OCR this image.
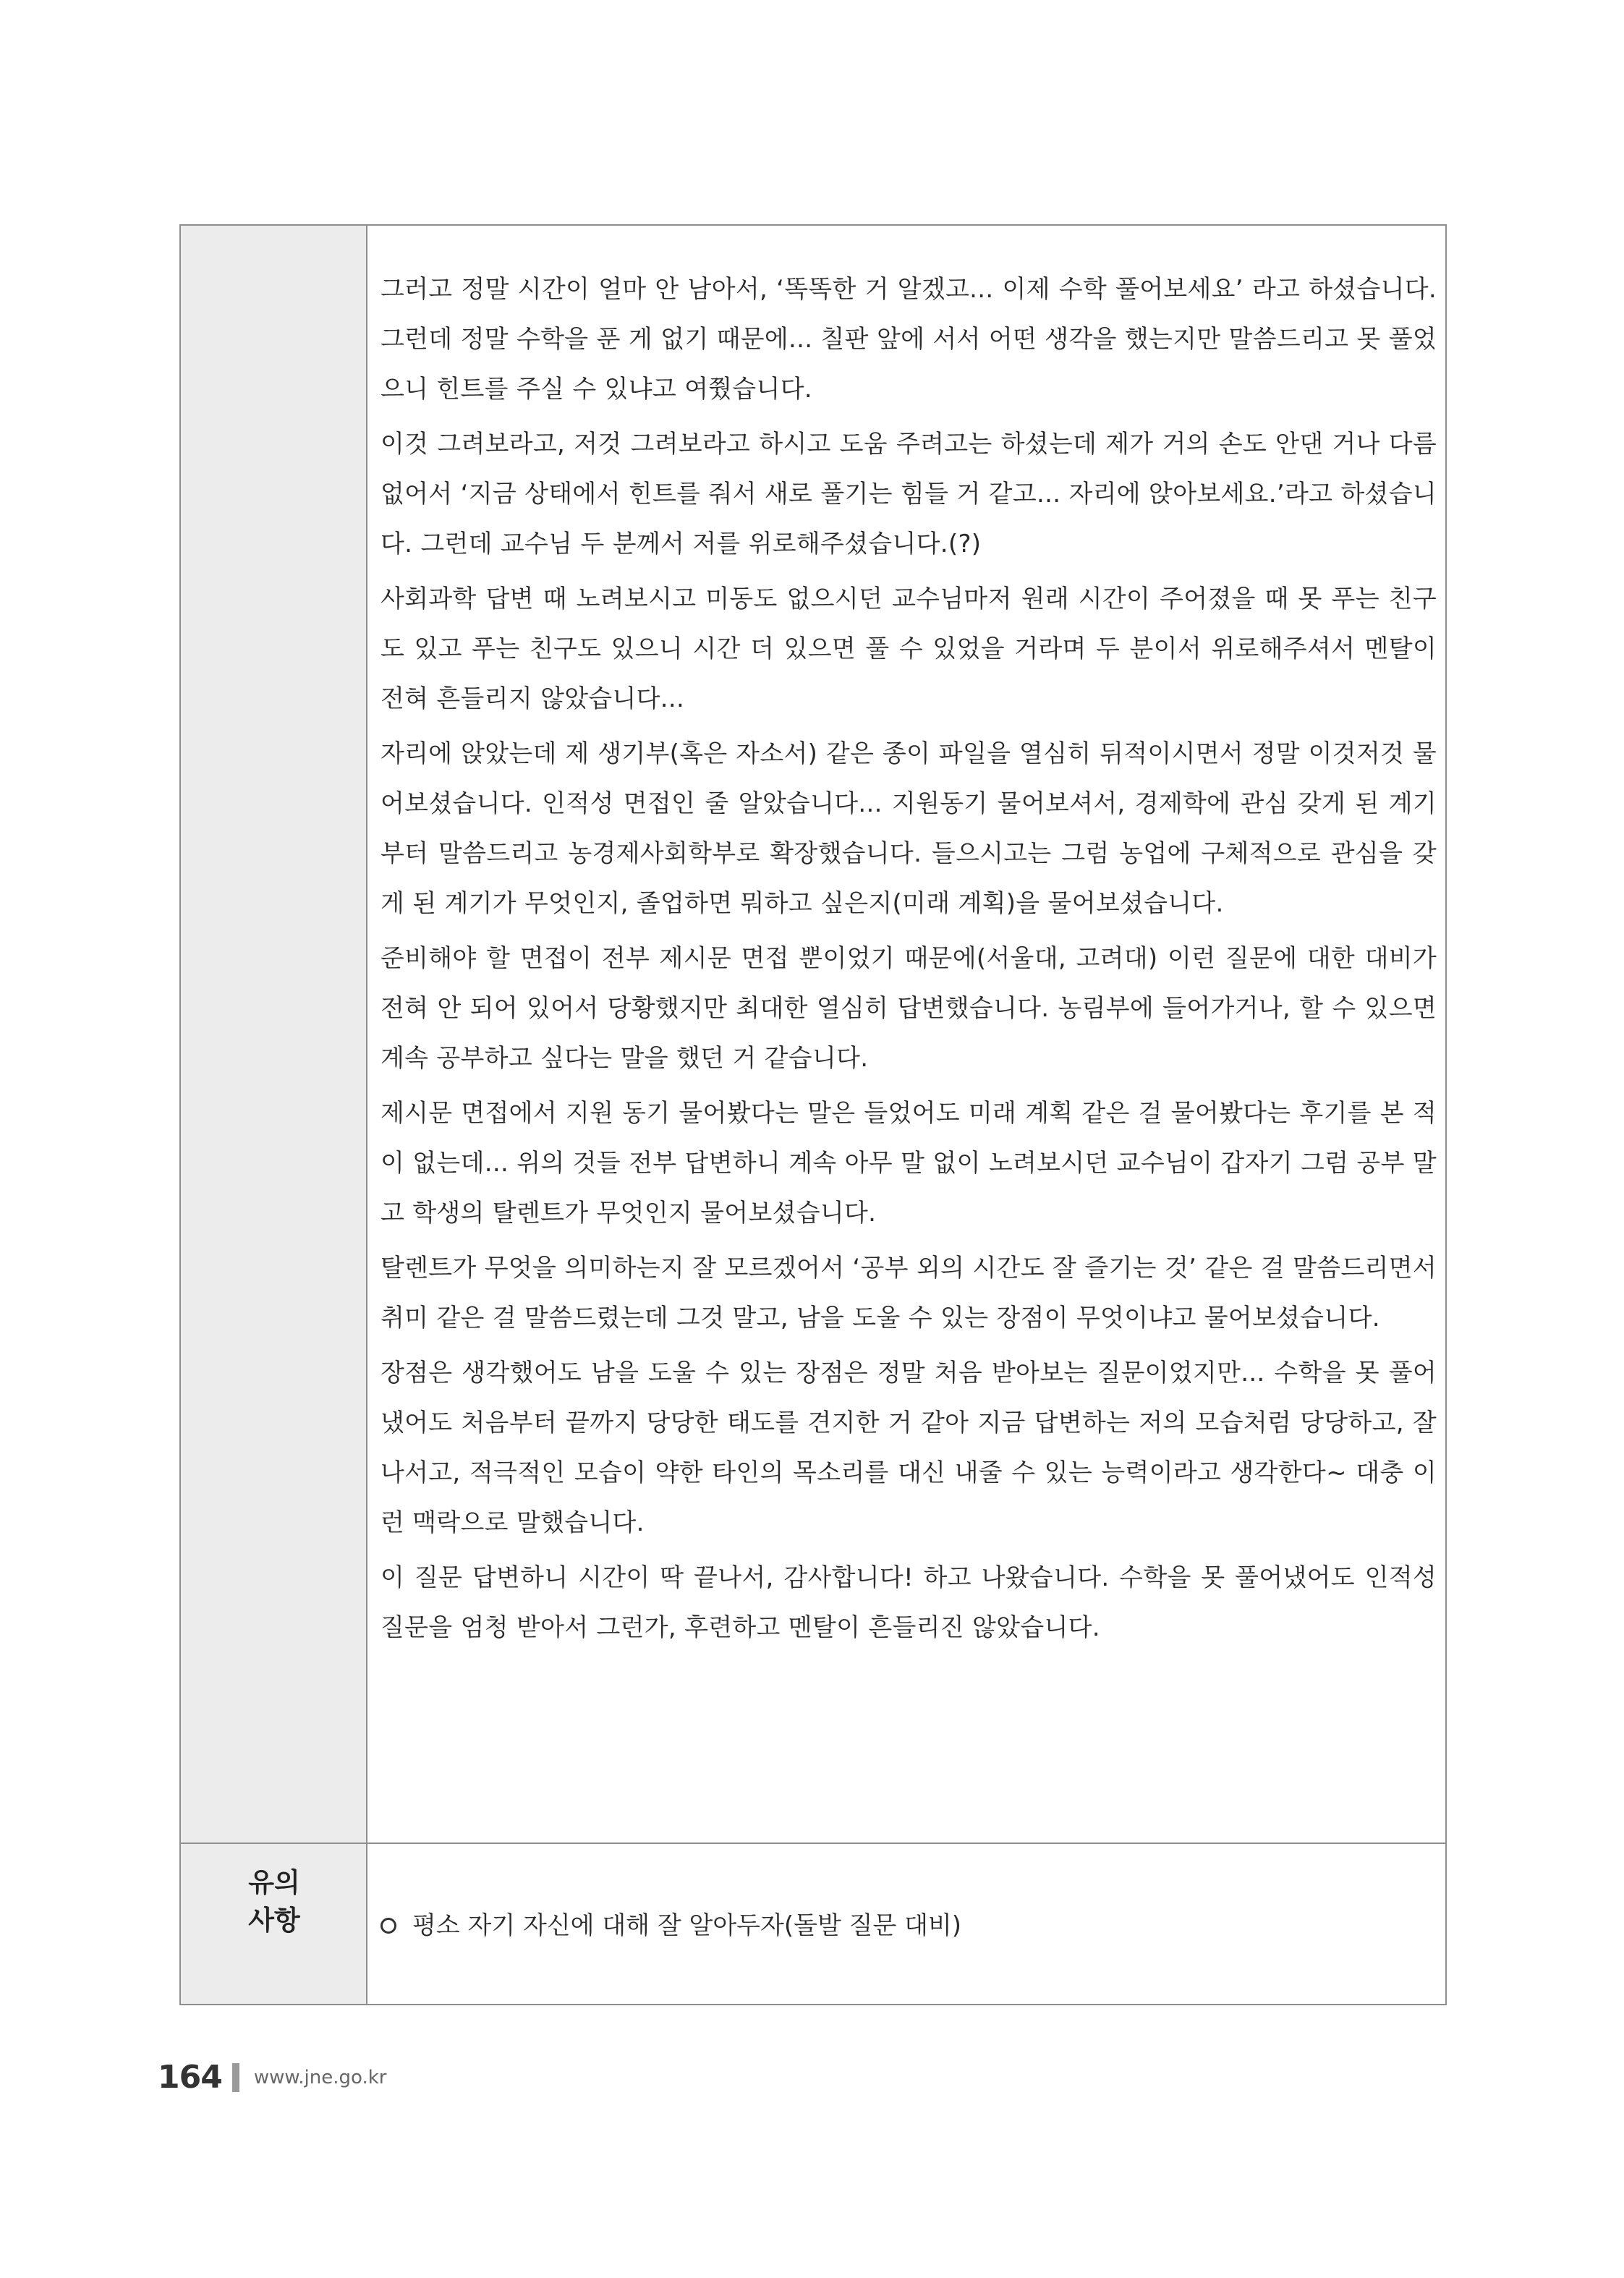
그러고 정말 시간이 얼마 안 남아서, ‘똑똑한 거 알겠고... 이제 수학 풀어보세요’ 라고 하셨습니다. 그런데 정말 수학을 푼 게 없기 때문에... 칠판 앞에 서서 어떤 생각을 했는지만 말씀드리고 못 풀었으니 힌트를 주실 수 있냐고 여쭸습니다.

이것 그려보라고, 저것 그려보라고 하시고 도움 주려고는 하셨는데 제가 거의 손도 안댄 거나 다름없어서 ‘지금 상태에서 힌트를 줘서 새로 풀기는 힘들 거 같고... 자리에 앉아보세요.’라고 하셨습니다. 그런데 교수님 두 분께서 저를 위로해주셨습니다.(?)

사회과학 답변 때 노려보시고 미동도 없으시던 교수님마저 원래 시간이 주어졌을 때 못 푸는 친구도 있고 푸는 친구도 있으니 시간 더 있으면 풀 수 있었을 거라며 두 분이서 위로해주셔서 멘탈이 전혀 흔들리지 않았습니다...

자리에 앉았는데 제 생기부(혹은 자소서) 같은 종이 파일을 열심히 뒤적이시면서 정말 이것저것 물어보셨습니다. 인적성 면접인 줄 알았습니다... 지원동기 물어보셔서, 경제학에 관심 갖게 된 계기부터 말씀드리고 농경제사회학부로 확장했습니다. 들으시고는 그럼 농업에 구체적으로 관심을 갖게 된 계기가 무엇인지, 졸업하면 뭐하고 싶은지(미래 계획)을 물어보셨습니다.

준비해야 할 면접이 전부 제시문 면접 뿐이었기 때문에(서울대, 고려대) 이런 질문에 대한 대비가 전혀 안 되어 있어서 당황했지만 최대한 열심히 답변했습니다. 농림부에 들어가거나, 할 수 있으면 계속 공부하고 싶다는 말을 했던 거 같습니다.

제시문 면접에서 지원 동기 물어봤다는 말은 들었어도 미래 계획 같은 걸 물어봤다는 후기를 본 적이 없는데... 위의 것들 전부 답변하니 계속 아무 말 없이 노려보시던 교수님이 갑자기 그럼 공부 말고 학생의 탈렌트가 무엇인지 물어보셨습니다.

탈렌트가 무엇을 의미하는지 잘 모르겠어서 ‘공부 외의 시간도 잘 즐기는 것’ 같은 걸 말씀드리면서 취미 같은 걸 말씀드렸는데 그것 말고, 남을 도울 수 있는 장점이 무엇이냐고 물어보셨습니다.

장점은 생각했어도 남을 도울 수 있는 장점은 정말 처음 받아보는 질문이었지만... 수학을 못 풀어냈어도 처음부터 끝까지 당당한 태도를 견지한 거 같아 지금 답변하는 저의 모습처럼 당당하고, 잘 나서고, 적극적인 모습이 약한 타인의 목소리를 대신 내줄 수 있는 능력이라고 생각한다~ 대충 이런 맥락으로 말했습니다.

이 질문 답변하니 시간이 딱 끝나서, 감사합니다! 하고 나왔습니다. 수학을 못 풀어냈어도 인적성 질문을 엄청 받아서 그런가, 후련하고 멘탈이 흔들리진 않았습니다.

유의
사항	평소 자기 자신에 대해 잘 알아두자(돌발 질문 대비)
164 www.jne.go.kr
